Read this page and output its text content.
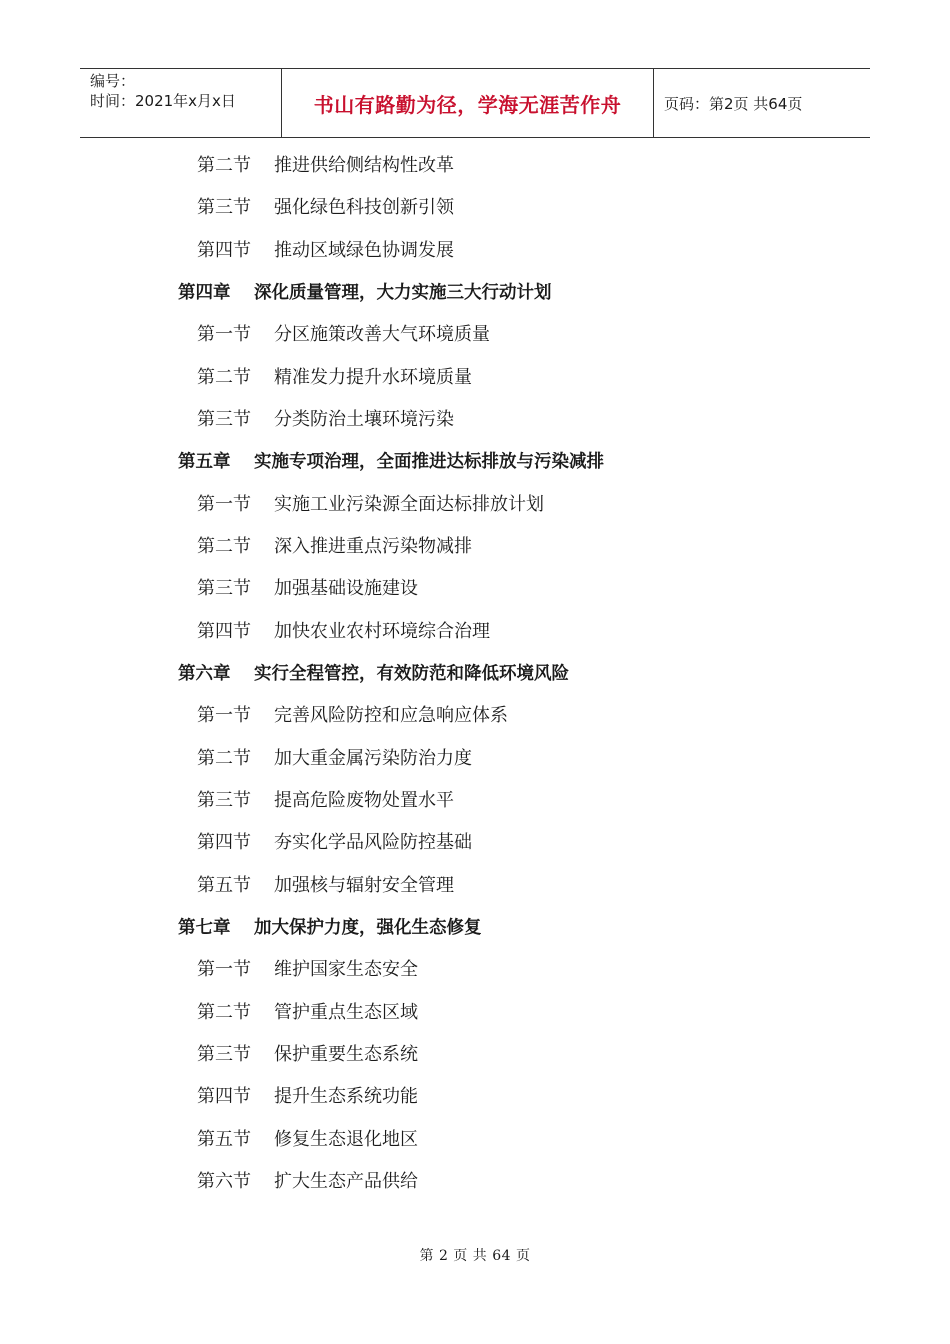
编号：
时间：2021年x月x日	书山有路勤为径，学海无涯苦作舟	页码：第2页 共64页
第二节 推进供给侧结构性改革
第三节 强化绿色科技创新引领
第四节 推动区域绿色协调发展
第四章 深化质量管理，大力实施三大行动计划
第一节 分区施策改善大气环境质量
第二节 精准发力提升水环境质量
第三节 分类防治土壤环境污染
第五章 实施专项治理，全面推进达标排放与污染减排
第一节 实施工业污染源全面达标排放计划
第二节 深入推进重点污染物减排
第三节 加强基础设施建设
第四节 加快农业农村环境综合治理
第六章 实行全程管控，有效防范和降低环境风险
第一节 完善风险防控和应急响应体系
第二节 加大重金属污染防治力度
第三节 提高危险废物处置水平
第四节 夯实化学品风险防控基础
第五节 加强核与辐射安全管理
第七章 加大保护力度，强化生态修复
第一节 维护国家生态安全
第二节 管护重点生态区域
第三节 保护重要生态系统
第四节 提升生态系统功能
第五节 修复生态退化地区
第六节 扩大生态产品供给
第 2 页 共 64 页
